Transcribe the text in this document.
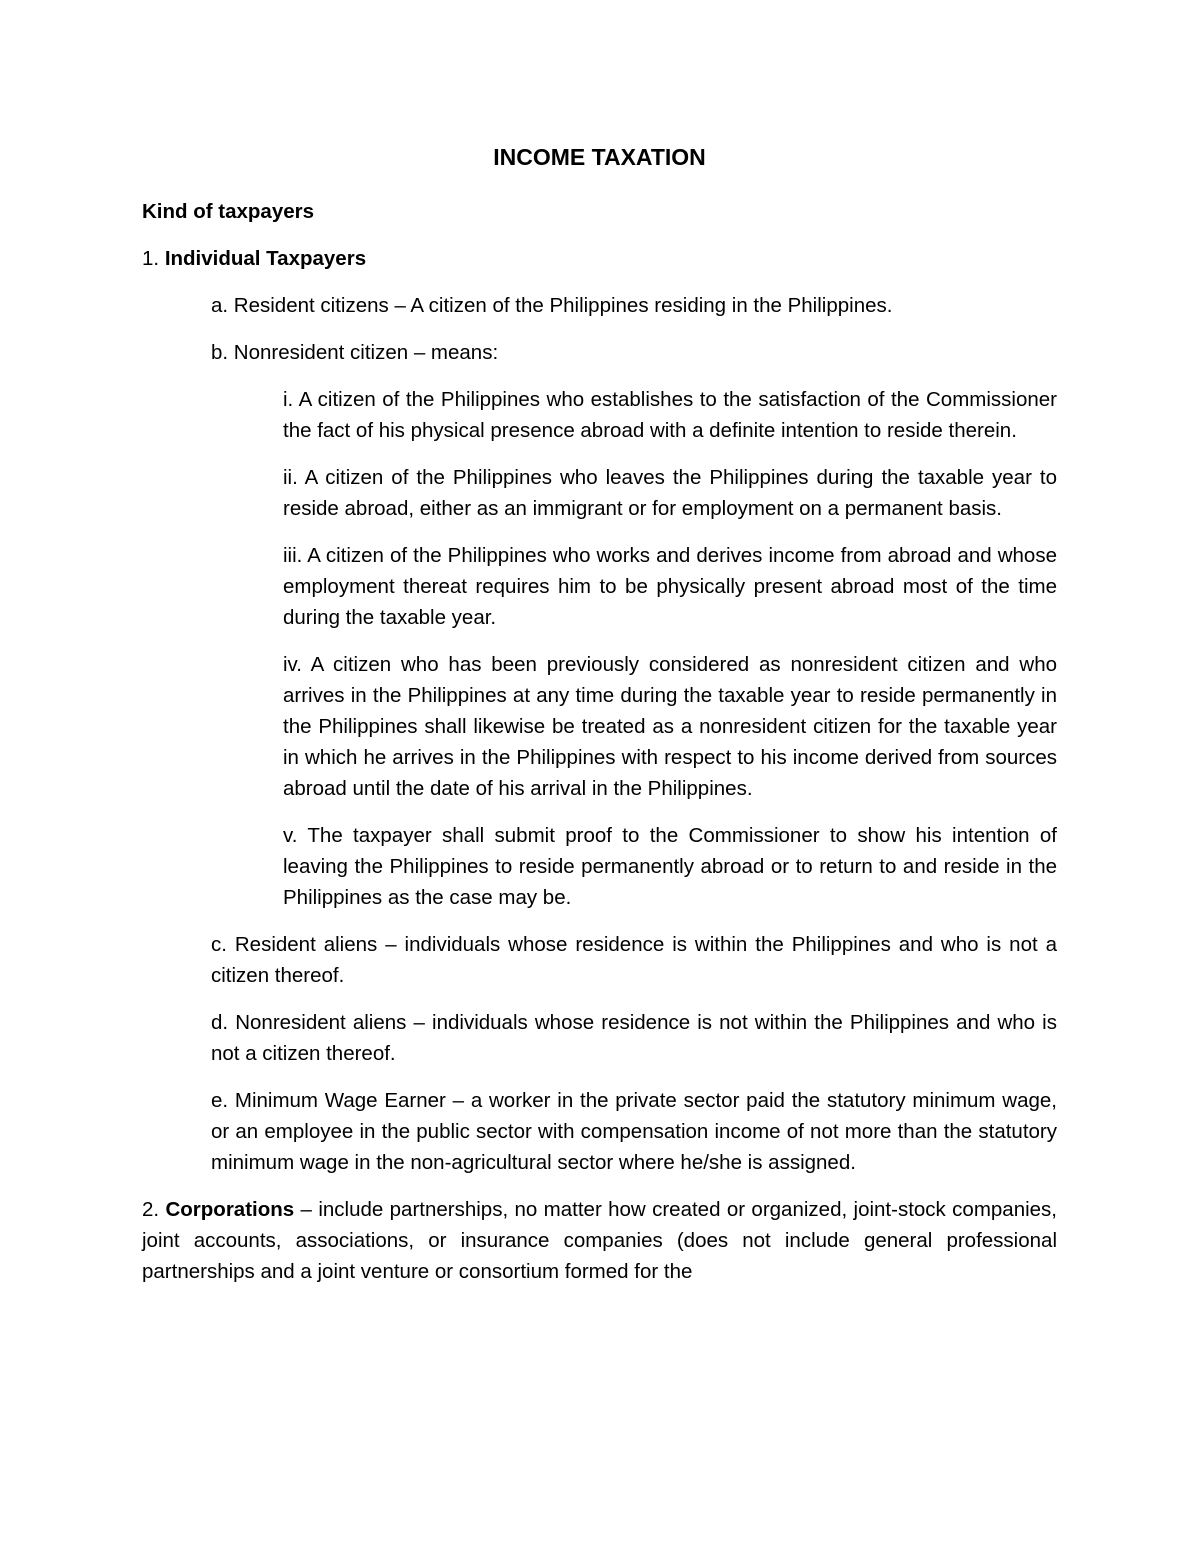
INCOME TAXATION
Kind of taxpayers

1. Individual Taxpayers

a. Resident citizens – A citizen of the Philippines residing in the Philippines.

b. Nonresident citizen – means:

i. A citizen of the Philippines who establishes to the satisfaction of the Commissioner the fact of his physical presence abroad with a definite intention to reside therein.

ii. A citizen of the Philippines who leaves the Philippines during the taxable year to reside abroad, either as an immigrant or for employment on a permanent basis.

iii. A citizen of the Philippines who works and derives income from abroad and whose employment thereat requires him to be physically present abroad most of the time during the taxable year.

iv. A citizen who has been previously considered as nonresident citizen and who arrives in the Philippines at any time during the taxable year to reside permanently in the Philippines shall likewise be treated as a nonresident citizen for the taxable year in which he arrives in the Philippines with respect to his income derived from sources abroad until the date of his arrival in the Philippines.

v. The taxpayer shall submit proof to the Commissioner to show his intention of leaving the Philippines to reside permanently abroad or to return to and reside in the Philippines as the case may be.

c. Resident aliens – individuals whose residence is within the Philippines and who is not a citizen thereof.

d. Nonresident aliens – individuals whose residence is not within the Philippines and who is not a citizen thereof.

e. Minimum Wage Earner – a worker in the private sector paid the statutory minimum wage, or an employee in the public sector with compensation income of not more than the statutory minimum wage in the non-agricultural sector where he/she is assigned.

2. Corporations – include partnerships, no matter how created or organized, joint-stock companies, joint accounts, associations, or insurance companies (does not include general professional partnerships and a joint venture or consortium formed for the
